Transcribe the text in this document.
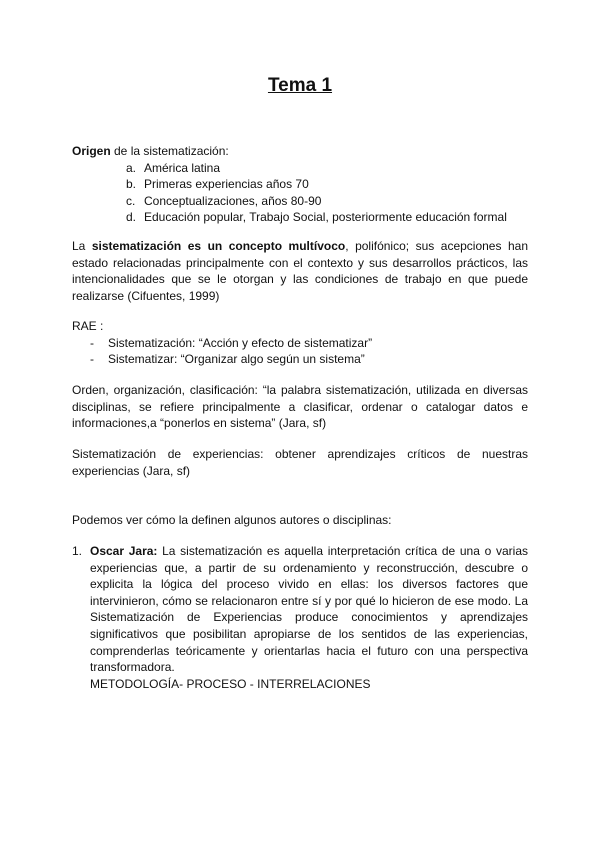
Tema 1

Origen de la sistematización:

a. América latina
b. Primeras experiencias años 70
c. Conceptualizaciones, años 80-90
d. Educación popular, Trabajo Social, posteriormente educación formal

La sistematización es un concepto multívoco, polifónico; sus acepciones han estado relacionadas principalmente con el contexto y sus desarrollos prácticos, las intencionalidades que se le otorgan y las condiciones de trabajo en que puede realizarse (Cifuentes, 1999)

RAE :

- Sistematización: “Acción y efecto de sistematizar”
- Sistematizar: “Organizar algo según un sistema”

Orden, organización, clasificación: “la palabra sistematización, utilizada en diversas disciplinas, se refiere principalmente a clasificar, ordenar o catalogar datos e informaciones,a “ponerlos en sistema” (Jara, sf)

Sistematización de experiencias: obtener aprendizajes críticos de nuestras experiencias (Jara, sf)

Podemos ver cómo la definen algunos autores o disciplinas:

1. Oscar Jara: La sistematización es aquella interpretación crítica de una o varias experiencias que, a partir de su ordenamiento y reconstrucción, descubre o explicita la lógica del proceso vivido en ellas: los diversos factores que intervinieron, cómo se relacionaron entre sí y por qué lo hicieron de ese modo. La Sistematización de Experiencias produce conocimientos y aprendizajes significativos que posibilitan apropiarse de los sentidos de las experiencias, comprenderlas teóricamente y orientarlas hacia el futuro con una perspectiva transformadora.

METODOLOGÍA- PROCESO - INTERRELACIONES
